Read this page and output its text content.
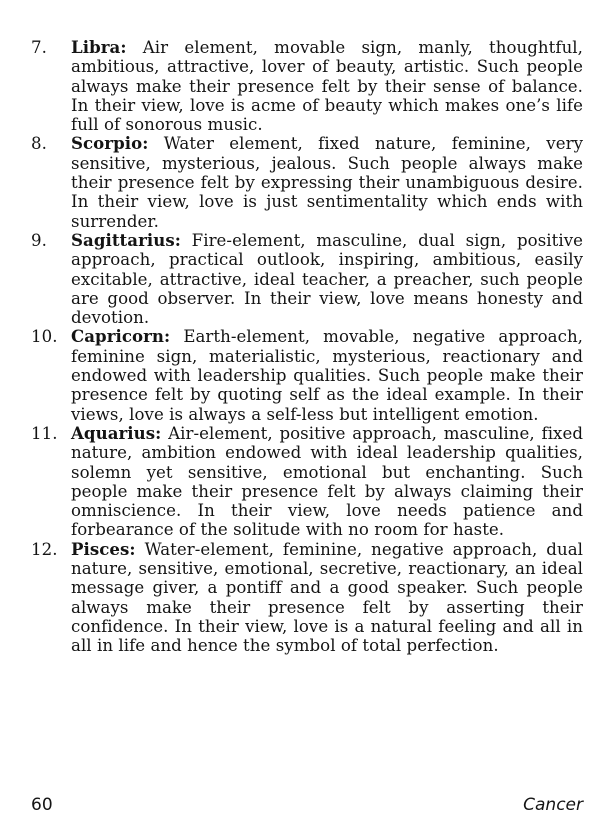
7.	Libra: Air element, movable sign, manly, thoughtful, ambitious, attractive, lover of beauty, artistic. Such people always make their presence felt by their sense of balance. In their view, love is acme of beauty which makes one’s life full of sonorous music.

8.	Scorpio: Water element, fixed nature, feminine, very sensitive, mysterious, jealous. Such people always make their presence felt by expressing their unambiguous desire. In their view, love is just sentimentality which ends with surrender.

9.	Sagittarius: Fire-element, masculine, dual sign, positive approach, practical outlook, inspiring, ambitious, easily excitable, attractive, ideal teacher, a preacher, such people are good observer. In their view, love means honesty and devotion.

10. Capricorn: Earth-element, movable, negative approach, feminine sign, materialistic, mysterious, reactionary and endowed with leadership qualities. Such people make their presence felt by quoting self as the ideal example. In their views, love is always a self-less but intelligent emotion.

11. Aquarius: Air-element, positive approach, masculine, fixed nature, ambition endowed with ideal leadership qualities, solemn yet sensitive, emotional but enchanting. Such people make their presence felt by always claiming their omniscience. In their view, love needs patience and forbearance of the solitude with no room for haste.

12. Pisces: Water-element, feminine, negative approach, dual nature, sensitive, emotional, secretive, reactionary, an ideal message giver, a pontiff and a good speaker. Such people always make their presence felt by asserting their confidence. In their view, love is a natural feeling and all in all in life and hence the symbol of total perfection.

60	Cancer
